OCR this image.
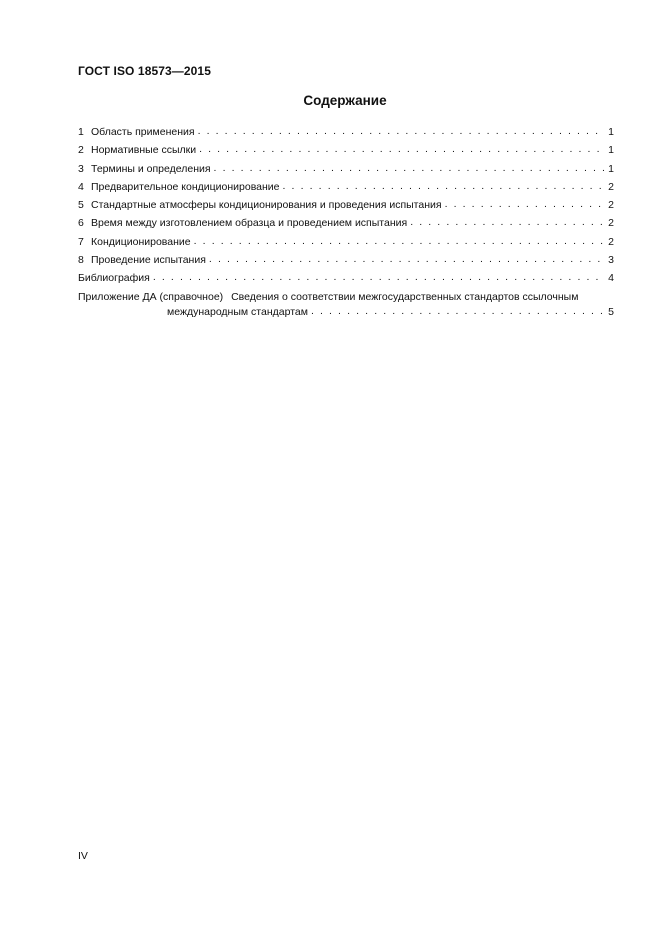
ГОСТ ISO 18573—2015
Содержание
1 Область применения . . .	1
2 Нормативные ссылки . . .	1
3 Термины и определения . . .	1
4 Предварительное кондиционирование . . .	2
5 Стандартные атмосферы кондиционирования и проведения испытания . . .	2
6 Время между изготовлением образца и проведением испытания . . .	2
7 Кондиционирование . . .	2
8 Проведение испытания . . .	3
Библиография . . .	4
Приложение ДА (справочное) Сведения о соответствии межгосударственных стандартов ссылочным
международным стандартам . . .	5
IV
